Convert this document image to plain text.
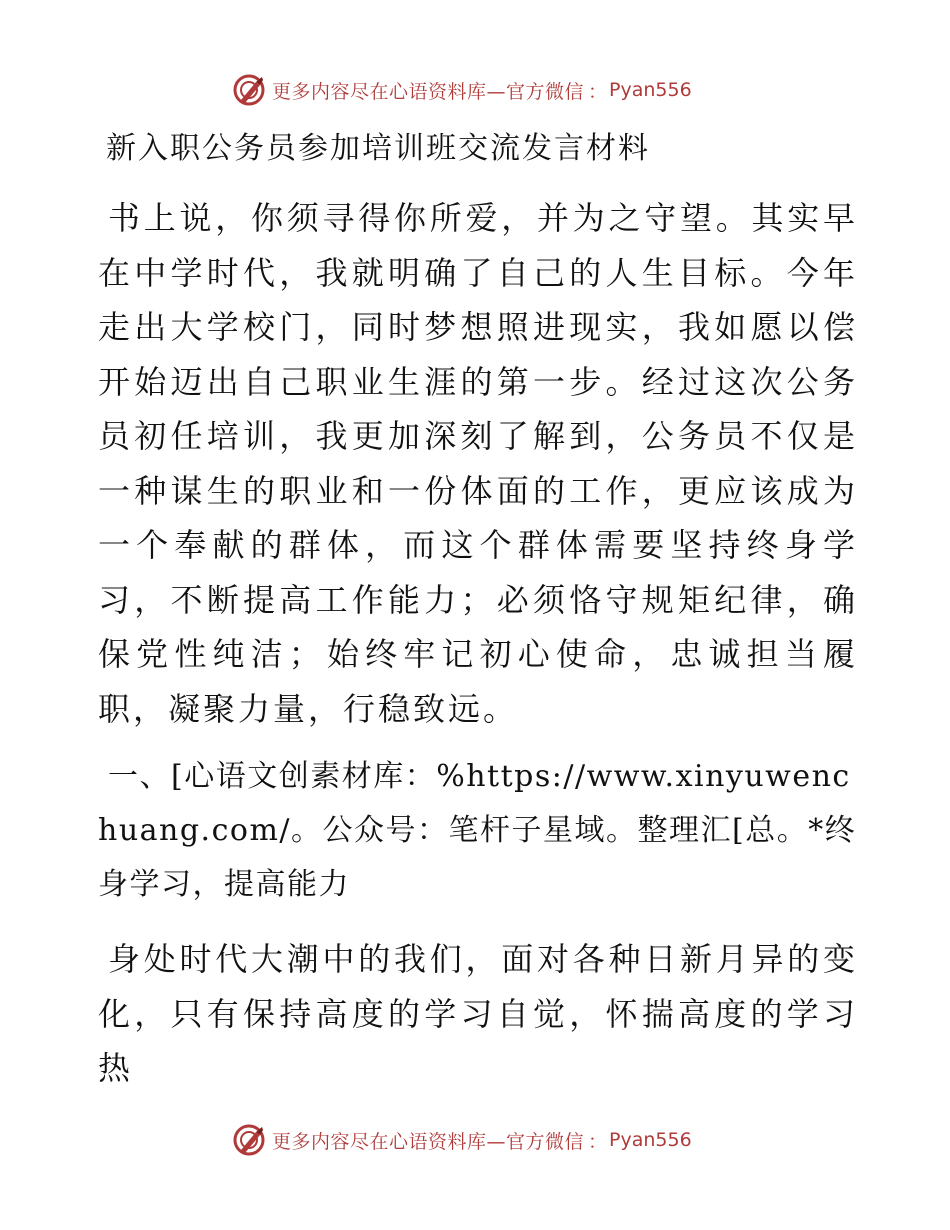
更多内容尽在心语资料库—官方微信 ： Pyan556
新入职公务员参加培训班交流发言材料

书上说，你须寻得你所爱，并为之守望。其实早在中学时代，我就明确了自己的人生目标。今年走出大学校门，同时梦想照进现实，我如愿以偿开始迈出自己职业生涯的第一步。经过这次公务员初任培训，我更加深刻了解到，公务员不仅是一种谋生的职业和一份体面的工作，更应该成为一个奉献的群体，而这个群体需要坚持终身学习，不断提高工作能力；必须恪守规矩纪律，确保党性纯洁；始终牢记初心使命，忠诚担当履职，凝聚力量，行稳致远。

一、[心语文创素材库：%https://www.xinyuwenchuang.com/。公众号：笔杆子星域。整理汇[总。*终身学习，提高能力

身处时代大潮中的我们，面对各种日新月异的变化，只有保持高度的学习自觉，怀揣高度的学习热

更多内容尽在心语资料库—官方微信 ： Pyan556
